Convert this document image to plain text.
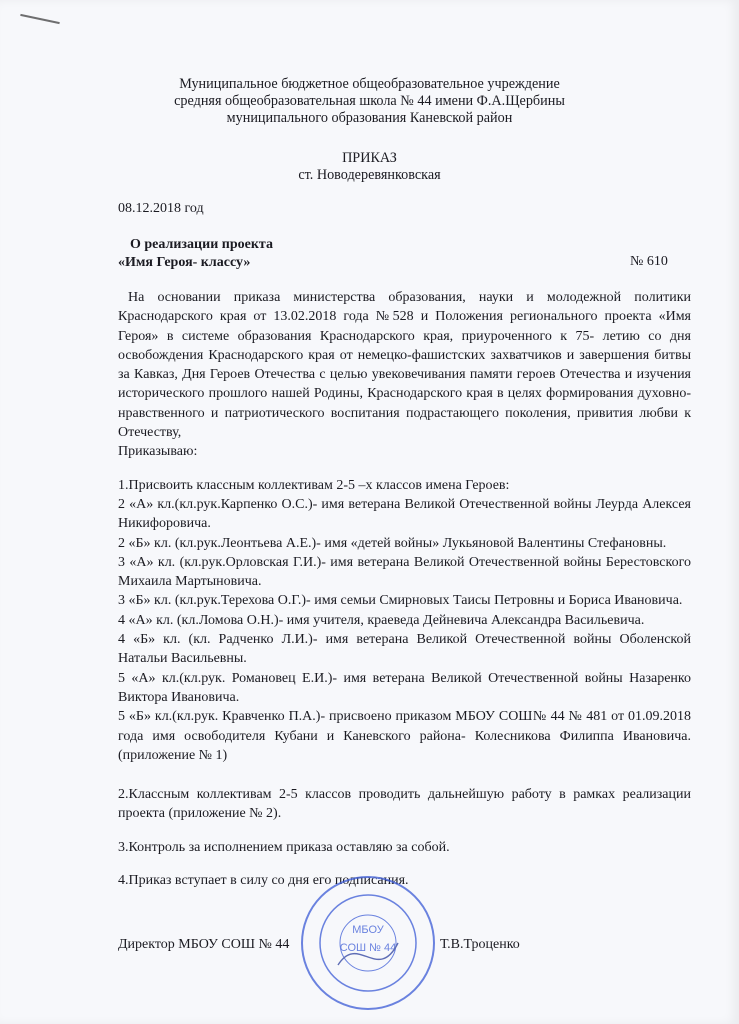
Муниципальное бюджетное общеобразовательное учреждение
средняя общеобразовательная школа № 44 имени Ф.А.Щербины
муниципального образования Каневской район
ПРИКАЗ
ст. Новодеревянковская
08.12.2018 год
О реализации проекта
«Имя Героя- классу»	№ 610

На основании приказа министерства образования, науки и молодежной политики Краснодарского края от 13.02.2018 года №528 и Положения регионального проекта «Имя Героя» в системе образования Краснодарского края, приуроченного к 75- летию со дня освобождения Краснодарского края от немецко-фашистских захватчиков и завершения битвы за Кавказ, Дня Героев Отечества с целью увековечивания памяти героев Отечества и изучения исторического прошлого нашей Родины, Краснодарского края в целях формирования духовно-нравственного и патриотического воспитания подрастающего поколения, привития любви к Отечеству,

Приказываю:

1.Присвоить классным коллективам 2-5 –х классов имена Героев:

2 «А» кл.(кл.рук.Карпенко О.С.)- имя ветерана Великой Отечественной войны Леурда Алексея Никифоровича.

2 «Б» кл. (кл.рук.Леонтьева А.Е.)- имя «детей войны» Лукьяновой Валентины Стефановны.

3 «А» кл. (кл.рук.Орловская Г.И.)- имя ветерана Великой Отечественной войны Берестовского Михаила Мартыновича.

3 «Б» кл. (кл.рук.Терехова О.Г.)- имя семьи Смирновых Таисы Петровны и Бориса Ивановича.

4 «А» кл. (кл.Ломова О.Н.)- имя учителя, краеведа Дейневича Александра Васильевича.

4 «Б» кл. (кл. Радченко Л.И.)- имя ветерана Великой Отечественной войны Оболенской Натальи Васильевны.

5 «А» кл.(кл.рук. Романовец Е.И.)- имя ветерана Великой Отечественной войны Назаренко Виктора Ивановича.

5 «Б» кл.(кл.рук. Кравченко П.А.)- присвоено приказом МБОУ СОШ№ 44 № 481 от 01.09.2018 года имя освободителя Кубани и Каневского района- Колесникова Филиппа Ивановича. (приложение № 1)

2.Классным коллективам 2-5 классов проводить дальнейшую работу в рамках реализации проекта (приложение № 2).

3.Контроль за исполнением приказа оставляю за собой.

4.Приказ вступает в силу со дня его подписания.

МБОУ
СОШ № 44
Директор МБОУ СОШ № 44	Т.В.Троценко
